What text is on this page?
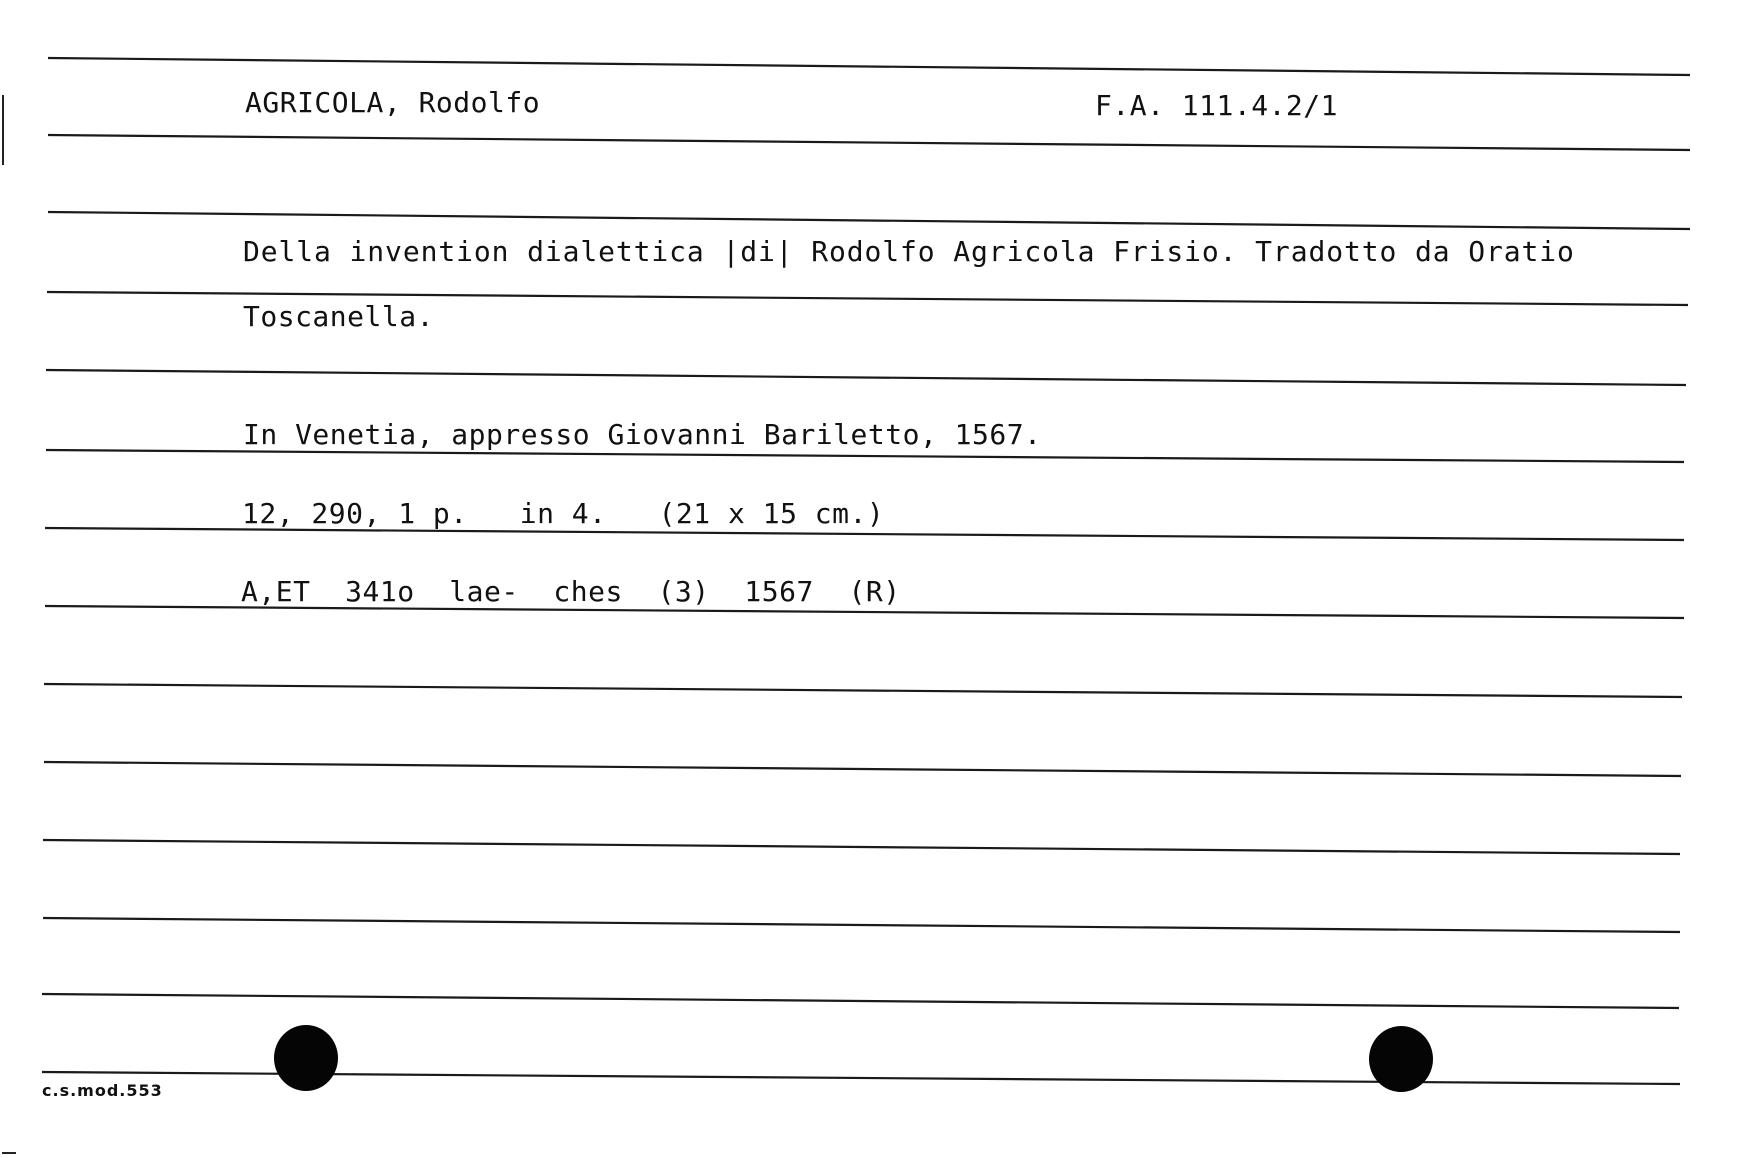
AGRICOLA, Rodolfo	F.A. 111.4.2/1
Della invention dialettica |di| Rodolfo Agricola Frisio. Tradotto da Oratio
Toscanella.
In Venetia, appresso Giovanni Bariletto, 1567.
12, 290, 1 p.   in 4.   (21 x 15 cm.)
A,ET  341o  lae-  ches  (3)  1567  (R)
c.s.mod.553
